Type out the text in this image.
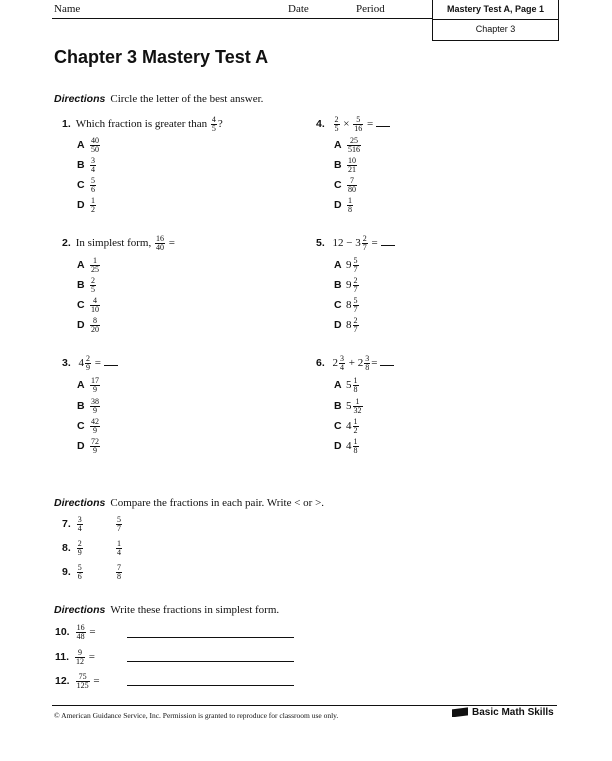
Name	Date	Period	Mastery Test A, Page 1
Chapter 3
Chapter 3 Mastery Test A
Directions Circle the letter of the best answer.
1. Which fraction is greater than $\frac{4}{5}$ ?
A $\frac{40}{50}$
B $\frac{3}{4}$
C $\frac{5}{6}$
D $\frac{1}{2}$
4. $\frac{2}{5} \times \frac{5}{16}$ =
A $\frac{25}{516}$
B $\frac{10}{21}$
C $\frac{7}{80}$
D $\frac{1}{8}$
2. In simplest form, $\frac{16}{40}$ =
A $\frac{1}{25}$
B $\frac{2}{5}$
C $\frac{4}{10}$
D $\frac{8}{20}$
5. $12 - 3 \frac{2}{7}$ =
A $9 \frac{5}{7}$
B $9 \frac{2}{7}$
C $8 \frac{5}{7}$
D $8 \frac{2}{7}$
3. $4 \frac{2}{9}$ =
A $\frac{17}{9}$
B $\frac{38}{9}$
C $\frac{42}{9}$
D $\frac{72}{9}$
6. $2 \frac{3}{4} + 2 \frac{3}{8}$ =
A $5 \frac{1}{8}$
B $5 \frac{1}{32}$
C $4 \frac{1}{2}$
D $4 \frac{1}{8}$
Directions Compare the fractions in each pair. Write < or >.
7. $\frac{3}{4}$	$\frac{5}{7}$
8. $\frac{2}{9}$	$\frac{1}{4}$
9. $\frac{5}{6}$	$\frac{7}{8}$
Directions Write these fractions in simplest form.
10. $\frac{16}{48}$ =
11. $\frac{9}{12}$ =
12. $\frac{75}{125}$ =
© American Guidance Service, Inc. Permission is granted to reproduce for classroom use only.	Basic Math Skills
